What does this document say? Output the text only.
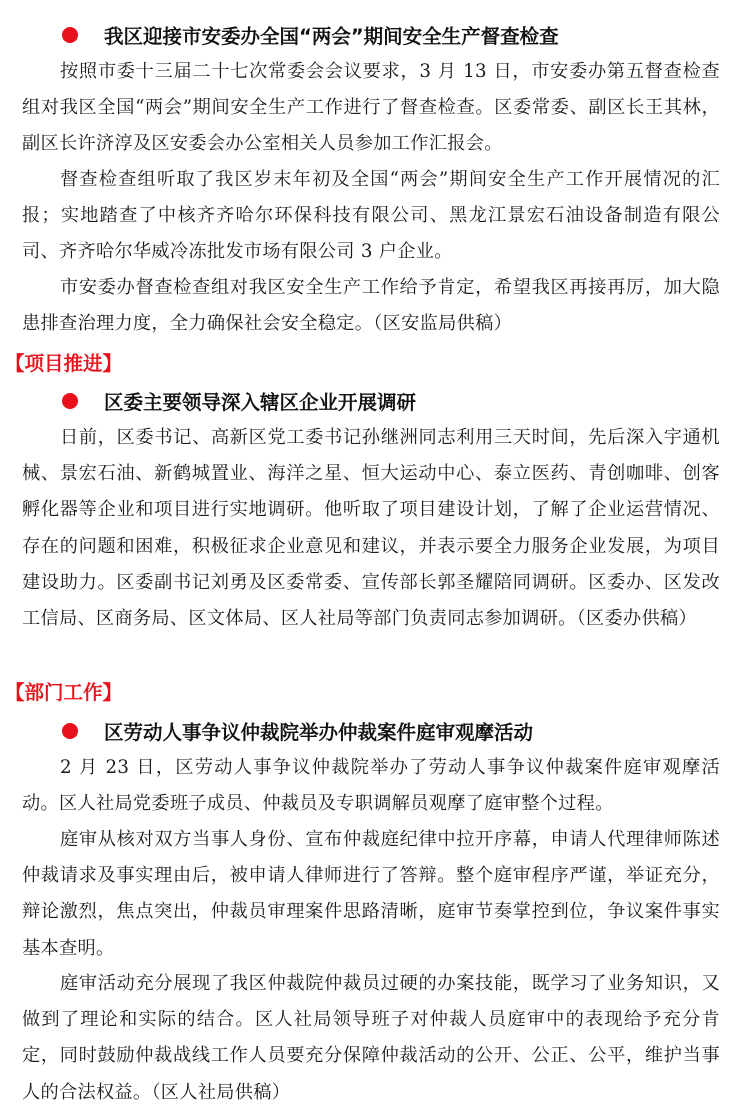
我区迎接市安委办全国“两会”期间安全生产督查检查

按照市委十三届二十七次常委会会议要求，3 月 13 日，市安委办第五督查检查组对我区全国“两会”期间安全生产工作进行了督查检查。区委常委、副区长王其林，副区长许济淳及区安委会办公室相关人员参加工作汇报会。

督查检查组听取了我区岁末年初及全国“两会”期间安全生产工作开展情况的汇报；实地踏查了中核齐齐哈尔环保科技有限公司、黑龙江景宏石油设备制造有限公司、齐齐哈尔华威冷冻批发市场有限公司 3 户企业。

市安委办督查检查组对我区安全生产工作给予肯定，希望我区再接再厉，加大隐患排查治理力度，全力确保社会安全稳定。（区安监局供稿）

【项目推进】
区委主要领导深入辖区企业开展调研

日前，区委书记、高新区党工委书记孙继洲同志利用三天时间，先后深入宇通机械、景宏石油、新鹤城置业、海洋之星、恒大运动中心、泰立医药、青创咖啡、创客孵化器等企业和项目进行实地调研。他听取了项目建设计划，了解了企业运营情况、存在的问题和困难，积极征求企业意见和建议，并表示要全力服务企业发展，为项目建设助力。区委副书记刘勇及区委常委、宣传部长郭圣耀陪同调研。区委办、区发改工信局、区商务局、区文体局、区人社局等部门负责同志参加调研。（区委办供稿）

【部门工作】
区劳动人事争议仲裁院举办仲裁案件庭审观摩活动

2 月 23 日，区劳动人事争议仲裁院举办了劳动人事争议仲裁案件庭审观摩活动。区人社局党委班子成员、仲裁员及专职调解员观摩了庭审整个过程。

庭审从核对双方当事人身份、宣布仲裁庭纪律中拉开序幕，申请人代理律师陈述仲裁请求及事实理由后，被申请人律师进行了答辩。整个庭审程序严谨，举证充分，辩论激烈，焦点突出，仲裁员审理案件思路清晰，庭审节奏掌控到位，争议案件事实基本查明。

庭审活动充分展现了我区仲裁院仲裁员过硬的办案技能，既学习了业务知识，又做到了理论和实际的结合。区人社局领导班子对仲裁人员庭审中的表现给予充分肯定，同时鼓励仲裁战线工作人员要充分保障仲裁活动的公开、公正、公平，维护当事人的合法权益。（区人社局供稿）
